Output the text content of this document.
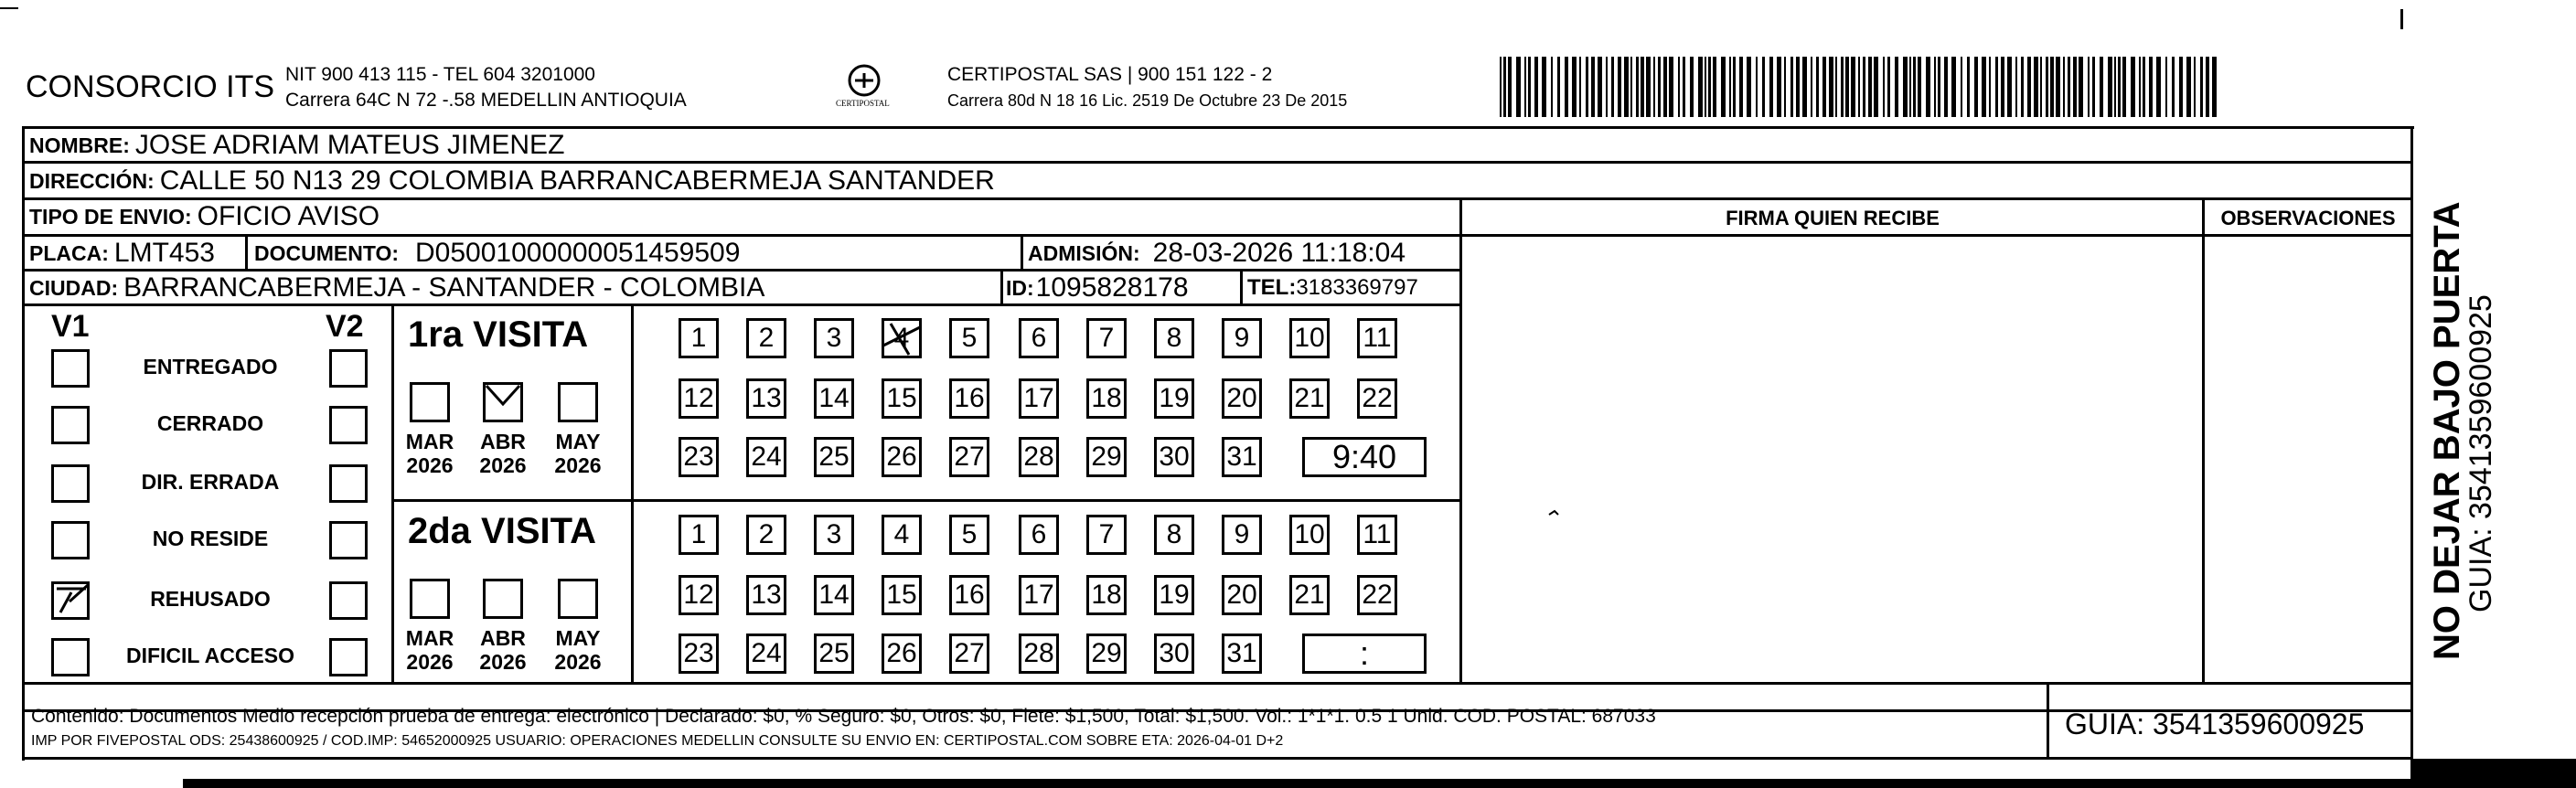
CONSORCIO ITS NIT 900 413 115 - TEL 604 3201000
Carrera 64C N 72 -.58 MEDELLIN ANTIOQUIA	CERTIPOSTAL
CERTIPOSTAL SAS | 900 151 122 - 2
Carrera 80d N 18 16 Lic. 2519 De Octubre 23 De 2015
NOMBRE: JOSE ADRIAM MATEUS JIMENEZ
DIRECCIÓN: CALLE 50 N13 29 COLOMBIA BARRANCABERMEJA SANTANDER
TIPO DE ENVIO: OFICIO AVISO	FIRMA QUIEN RECIBE	OBSERVACIONES
PLACA: LMT453 DOCUMENTO: D05001000000051459509	ADMISIÓN: 28-03-2026 11:18:04
CIUDAD: BARRANCABERMEJA - SANTANDER - COLOMBIA	ID: 1095828178	TEL: 3183369797
V1	V2
ENTREGADO
CERRADO
DIR. ERRADA
NO RESIDE
REHUSADO
DIFICIL ACCESO
1ra VISITA
MAR
2026
ABR
2026
MAY
2026
1	2	3	4	5	6	7	8	9	10 11
12 13 14 15 16 17 18 19 20 21 22
23 24 25 26 27 28 29 30 31	9:40
2da VISITA
MAR
2026
ABR
2026
MAY
2026
1	2	3	4	5	6	7	8	9	10 11
12 13 14 15 16 17 18 19 20 21 22
23 24 25 26 27 28 29 30 31	:
Contenido: Documentos Medio recepción prueba de entrega: electrónico | Declarado: $0, % Seguro: $0, Otros: $0, Flete: $1,500, Total: $1,500. Vol.: 1*1*1. 0.5 1 Unid. COD. POSTAL: 687033
IMP POR FIVEPOSTAL ODS: 25438600925 / COD.IMP: 54652000925 USUARIO: OPERACIONES MEDELLIN CONSULTE SU ENVIO EN: CERTIPOSTAL.COM SOBRE ETA: 2026-04-01 D+2
GUIA: 3541359600925
NO DEJAR BAJO PUERTA
GUIA: 3541359600925
